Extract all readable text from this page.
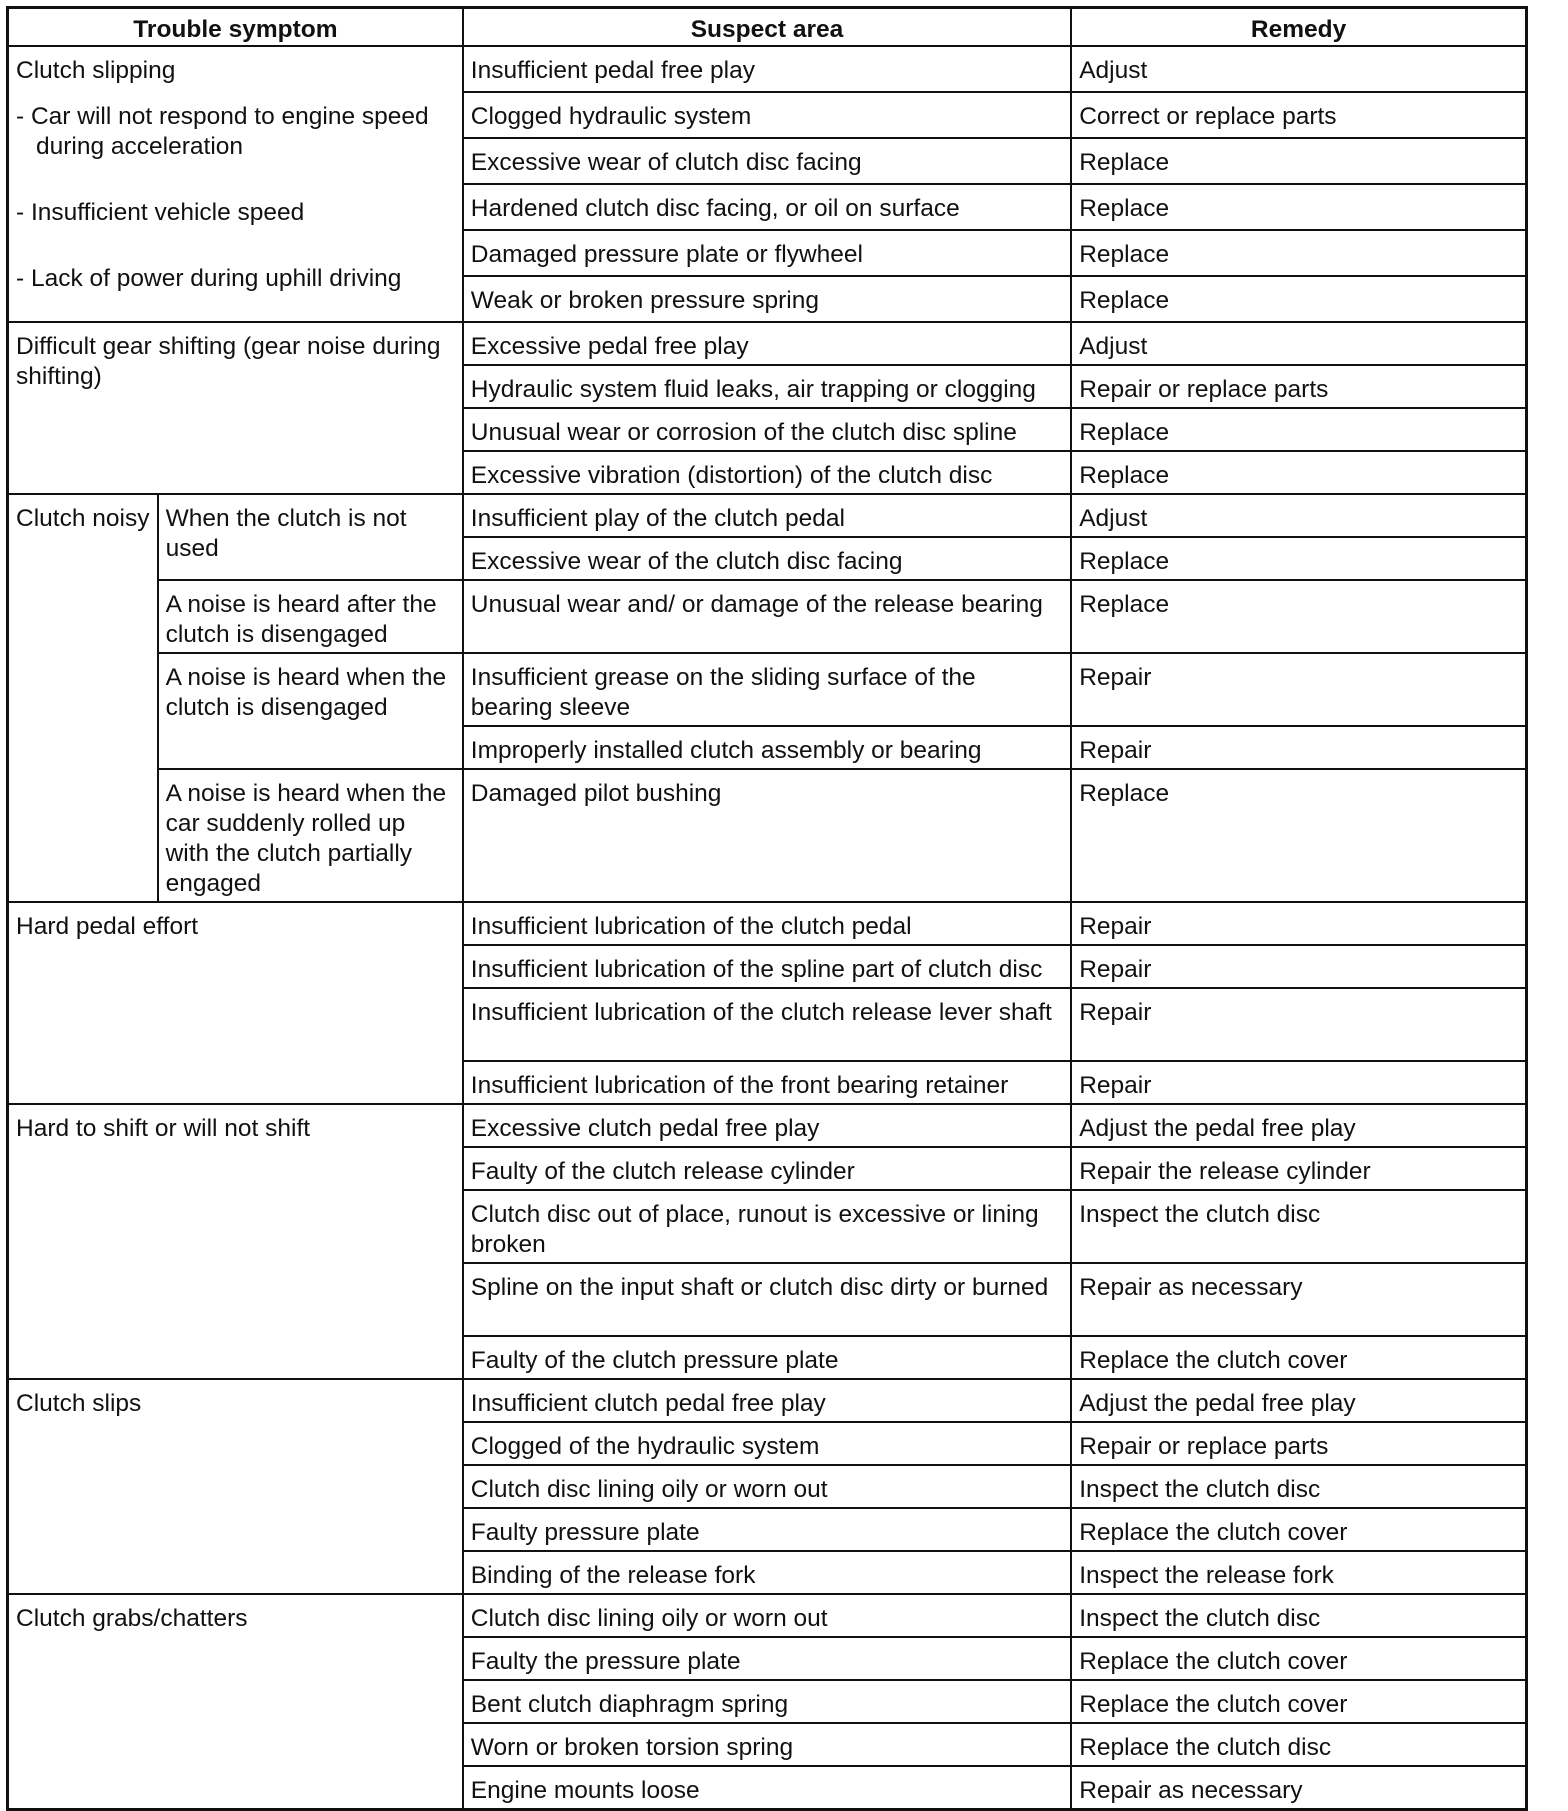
Trouble symptom		Suspect area	Remedy

Clutch slipping
- Car will not respond to engine speed during acceleration
- Insufficient vehicle speed
- Lack of power during uphill driving		Insufficient pedal free play	Adjust
		Clogged hydraulic system	Correct or replace parts
		Excessive wear of clutch disc facing	Replace
		Hardened clutch disc facing, or oil on surface	Replace
		Damaged pressure plate or flywheel	Replace
		Weak or broken pressure spring	Replace
Difficult gear shifting (gear noise during shifting)		Excessive pedal free play	Adjust
		Hydraulic system fluid leaks, air trapping or clogging	Repair or replace parts
		Unusual wear or corrosion of the clutch disc spline	Replace
		Excessive vibration (distortion) of the clutch disc	Replace
Clutch noisy	When the clutch is not used	Insufficient play of the clutch pedal	Adjust
		Excessive wear of the clutch disc facing	Replace
	A noise is heard after the clutch is disengaged	Unusual wear and/ or damage of the release bearing	Replace
	A noise is heard when the clutch is disengaged	Insufficient grease on the sliding surface of the bearing sleeve	Repair
		Improperly installed clutch assembly or bearing	Repair
	A noise is heard when the car suddenly rolled up with the clutch partially engaged	Damaged pilot bushing	Replace
Hard pedal effort		Insufficient lubrication of the clutch pedal	Repair
		Insufficient lubrication of the spline part of clutch disc	Repair
		Insufficient lubrication of the clutch release lever shaft	Repair
		Insufficient lubrication of the front bearing retainer	Repair
Hard to shift or will not shift		Excessive clutch pedal free play	Adjust the pedal free play
		Faulty of the clutch release cylinder	Repair the release cylinder
		Clutch disc out of place, runout is excessive or lining broken	Inspect the clutch disc
		Spline on the input shaft or clutch disc dirty or burned	Repair as necessary
		Faulty of the clutch pressure plate	Replace the clutch cover
Clutch slips		Insufficient clutch pedal free play	Adjust the pedal free play
		Clogged of the hydraulic system	Repair or replace parts
		Clutch disc lining oily or worn out	Inspect the clutch disc
		Faulty pressure plate	Replace the clutch cover
		Binding of the release fork	Inspect the release fork
Clutch grabs/chatters		Clutch disc lining oily or worn out	Inspect the clutch disc
		Faulty the pressure plate	Replace the clutch cover
		Bent clutch diaphragm spring	Replace the clutch cover
		Worn or broken torsion spring	Replace the clutch disc
		Engine mounts loose	Repair as necessary
